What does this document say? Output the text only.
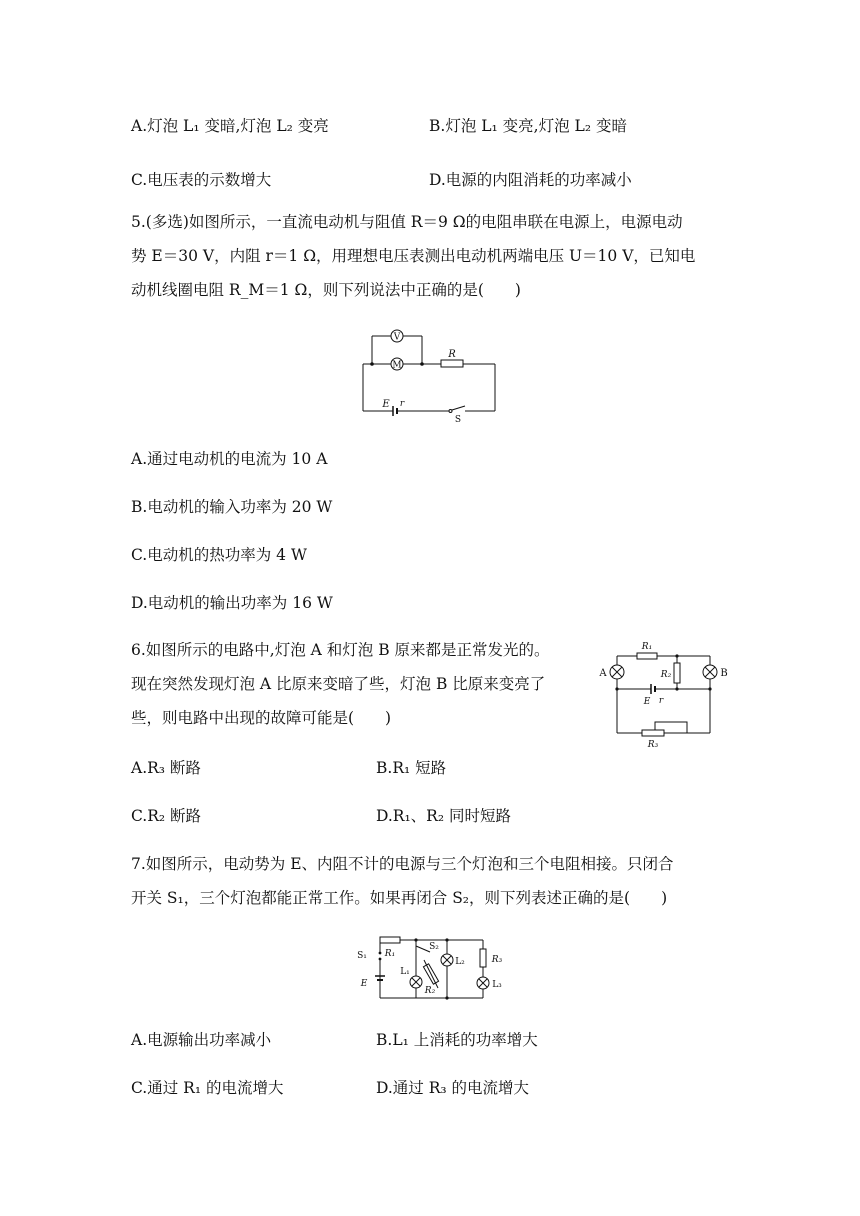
A.灯泡 L₁ 变暗,灯泡 L₂ 变亮	B.灯泡 L₁ 变亮,灯泡 L₂ 变暗
C.电压表的示数增大	D.电源的内阻消耗的功率减小
5.(多选)如图所示，一直流电动机与阻值 R＝9 Ω的电阻串联在电源上，电源电动
势 E＝30 V，内阻 r＝1 Ω，用理想电压表测出电动机两端电压 U＝10 V，已知电
动机线圈电阻 R_M＝1 Ω，则下列说法中正确的是(　　)
V
M
R
E r
S
A.通过电动机的电流为 10 A
B.电动机的输入功率为 20 W
C.电动机的热功率为 4 W
D.电动机的输出功率为 16 W
6.如图所示的电路中,灯泡 A 和灯泡 B 原来都是正常发光的。
现在突然发现灯泡 A 比原来变暗了些，灯泡 B 比原来变亮了
些，则电路中出现的故障可能是(　　)
R₁
R₂
R₃
A	B
E r
A.R₃ 断路	B.R₁ 短路
C.R₂ 断路	D.R₁、R₂ 同时短路
7.如图所示，电动势为 E、内阻不计的电源与三个灯泡和三个电阻相接。只闭合
开关 S₁，三个灯泡都能正常工作。如果再闭合 S₂，则下列表述正确的是(　　)
R₁
S₁
E
S₂
L₁
R₂
L₂	R₃
L₃
A.电源输出功率减小	B.L₁ 上消耗的功率增大
C.通过 R₁ 的电流增大	D.通过 R₃ 的电流增大
